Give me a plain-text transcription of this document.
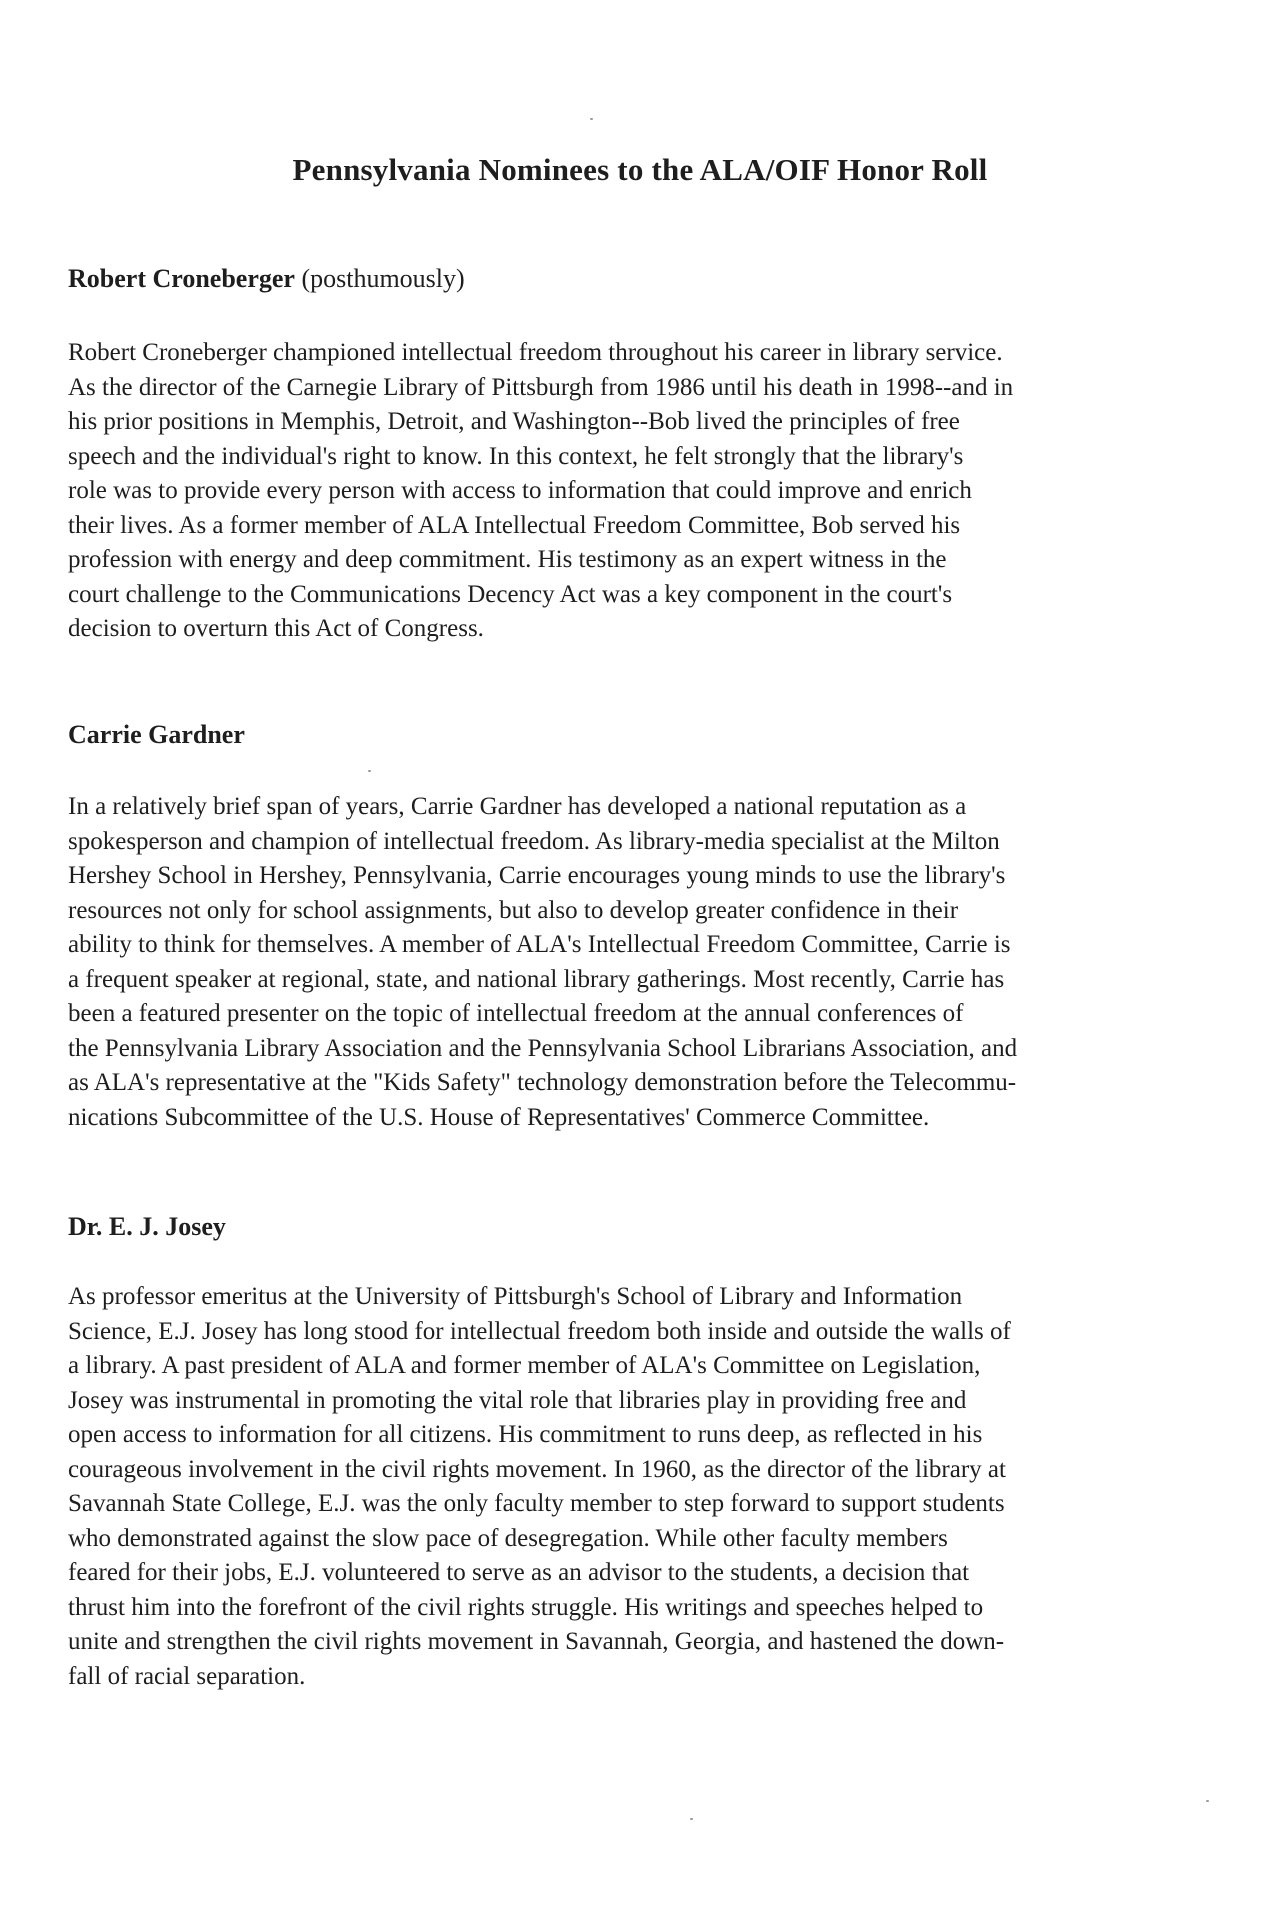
Pennsylvania Nominees to the ALA/OIF Honor Roll
Robert Croneberger (posthumously)
Robert Croneberger championed intellectual freedom throughout his career in library service.
As the director of the Carnegie Library of Pittsburgh from 1986 until his death in 1998--and in
his prior positions in Memphis, Detroit, and Washington--Bob lived the principles of free
speech and the individual's right to know. In this context, he felt strongly that the library's
role was to provide every person with access to information that could improve and enrich
their lives. As a former member of ALA Intellectual Freedom Committee, Bob served his
profession with energy and deep commitment. His testimony as an expert witness in the
court challenge to the Communications Decency Act was a key component in the court's
decision to overturn this Act of Congress.
Carrie Gardner
In a relatively brief span of years, Carrie Gardner has developed a national reputation as a
spokesperson and champion of intellectual freedom. As library-media specialist at the Milton
Hershey School in Hershey, Pennsylvania, Carrie encourages young minds to use the library's
resources not only for school assignments, but also to develop greater confidence in their
ability to think for themselves. A member of ALA's Intellectual Freedom Committee, Carrie is
a frequent speaker at regional, state, and national library gatherings. Most recently, Carrie has
been a featured presenter on the topic of intellectual freedom at the annual conferences of
the Pennsylvania Library Association and the Pennsylvania School Librarians Association, and
as ALA's representative at the "Kids Safety" technology demonstration before the Telecommu-
nications Subcommittee of the U.S. House of Representatives' Commerce Committee.
Dr. E. J. Josey
As professor emeritus at the University of Pittsburgh's School of Library and Information
Science, E.J. Josey has long stood for intellectual freedom both inside and outside the walls of
a library. A past president of ALA and former member of ALA's Committee on Legislation,
Josey was instrumental in promoting the vital role that libraries play in providing free and
open access to information for all citizens. His commitment to runs deep, as reflected in his
courageous involvement in the civil rights movement. In 1960, as the director of the library at
Savannah State College, E.J. was the only faculty member to step forward to support students
who demonstrated against the slow pace of desegregation. While other faculty members
feared for their jobs, E.J. volunteered to serve as an advisor to the students, a decision that
thrust him into the forefront of the civil rights struggle. His writings and speeches helped to
unite and strengthen the civil rights movement in Savannah, Georgia, and hastened the down-
fall of racial separation.
